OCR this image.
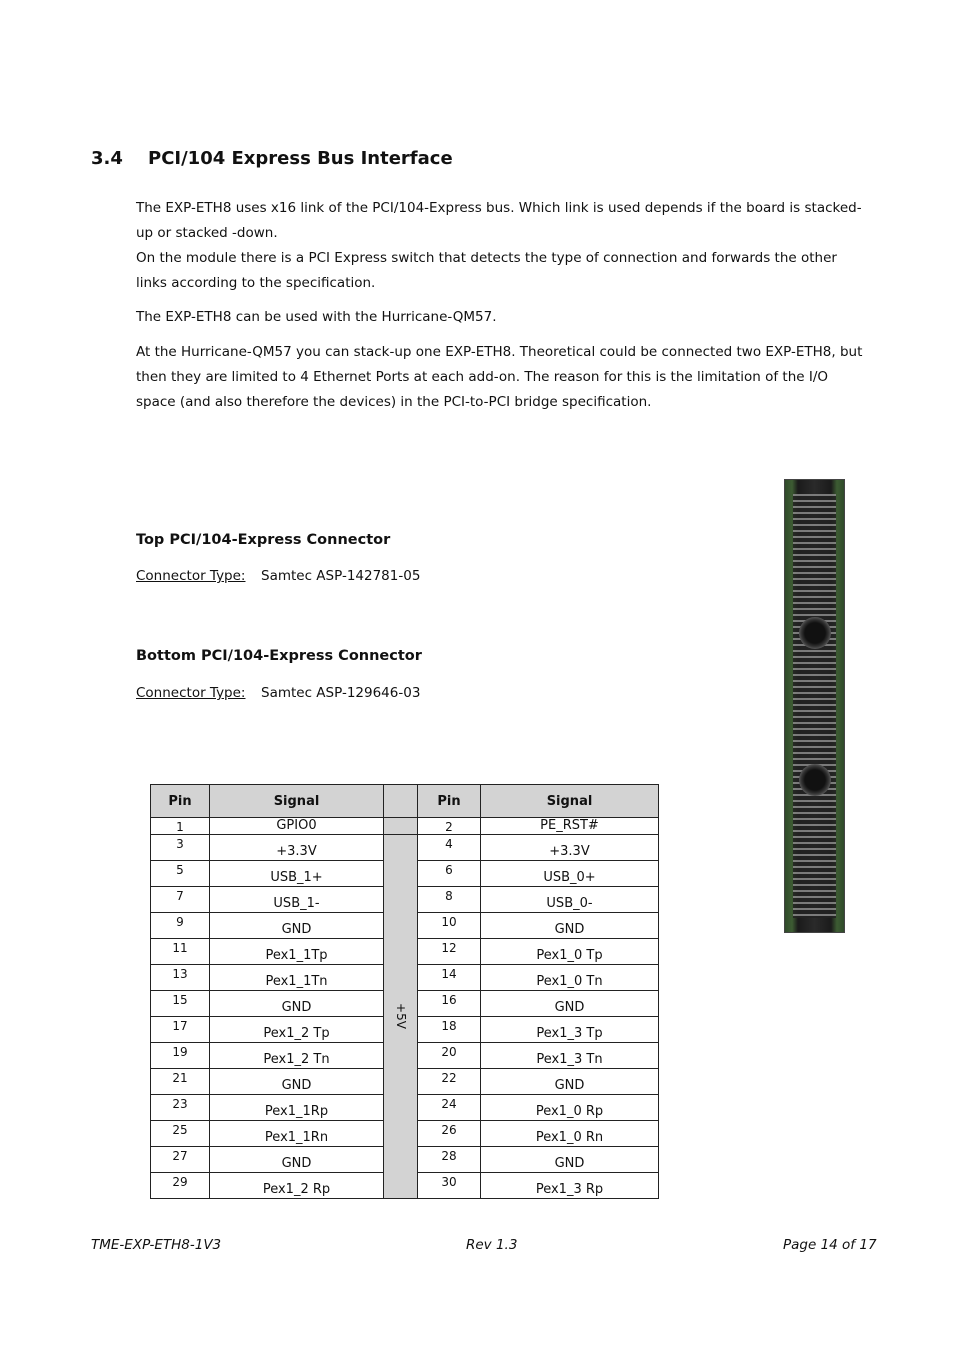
3.4 PCI/104 Express Bus Interface
The EXP-ETH8 uses x16 link of the PCI/104-Express bus. Which link is used depends if the board is stacked-up or stacked -down.
On the module there is a PCI Express switch that detects the type of connection and forwards the other links according to the specification.
The EXP-ETH8 can be used with the Hurricane-QM57.
At the Hurricane-QM57 you can stack-up one EXP-ETH8. Theoretical could be connected two EXP-ETH8, but then they are limited to 4 Ethernet Ports at each add-on. The reason for this is the limitation of the I/O space (and also therefore the devices) in the PCI-to-PCI bridge specification.
Top PCI/104-Express Connector
Connector Type: Samtec ASP-142781-05
Bottom PCI/104-Express Connector
Connector Type: Samtec ASP-129646-03
Pin	Signal		Pin	Signal
1	GPIO0		2	PE_RST#
3	+3.3V	+5V	4	+3.3V
5	USB_1+		6	USB_0+
7	USB_1-		8	USB_0-
9	GND		10	GND
11	Pex1_1Tp		12	Pex1_0 Tp
13	Pex1_1Tn		14	Pex1_0 Tn
15	GND		16	GND
17	Pex1_2 Tp		18	Pex1_3 Tp
19	Pex1_2 Tn		20	Pex1_3 Tn
21	GND		22	GND
23	Pex1_1Rp		24	Pex1_0 Rp
25	Pex1_1Rn		26	Pex1_0 Rn
27	GND		28	GND
29	Pex1_2 Rp		30	Pex1_3 Rp
TME-EXP-ETH8-1V3	Rev 1.3	Page 14 of 17
